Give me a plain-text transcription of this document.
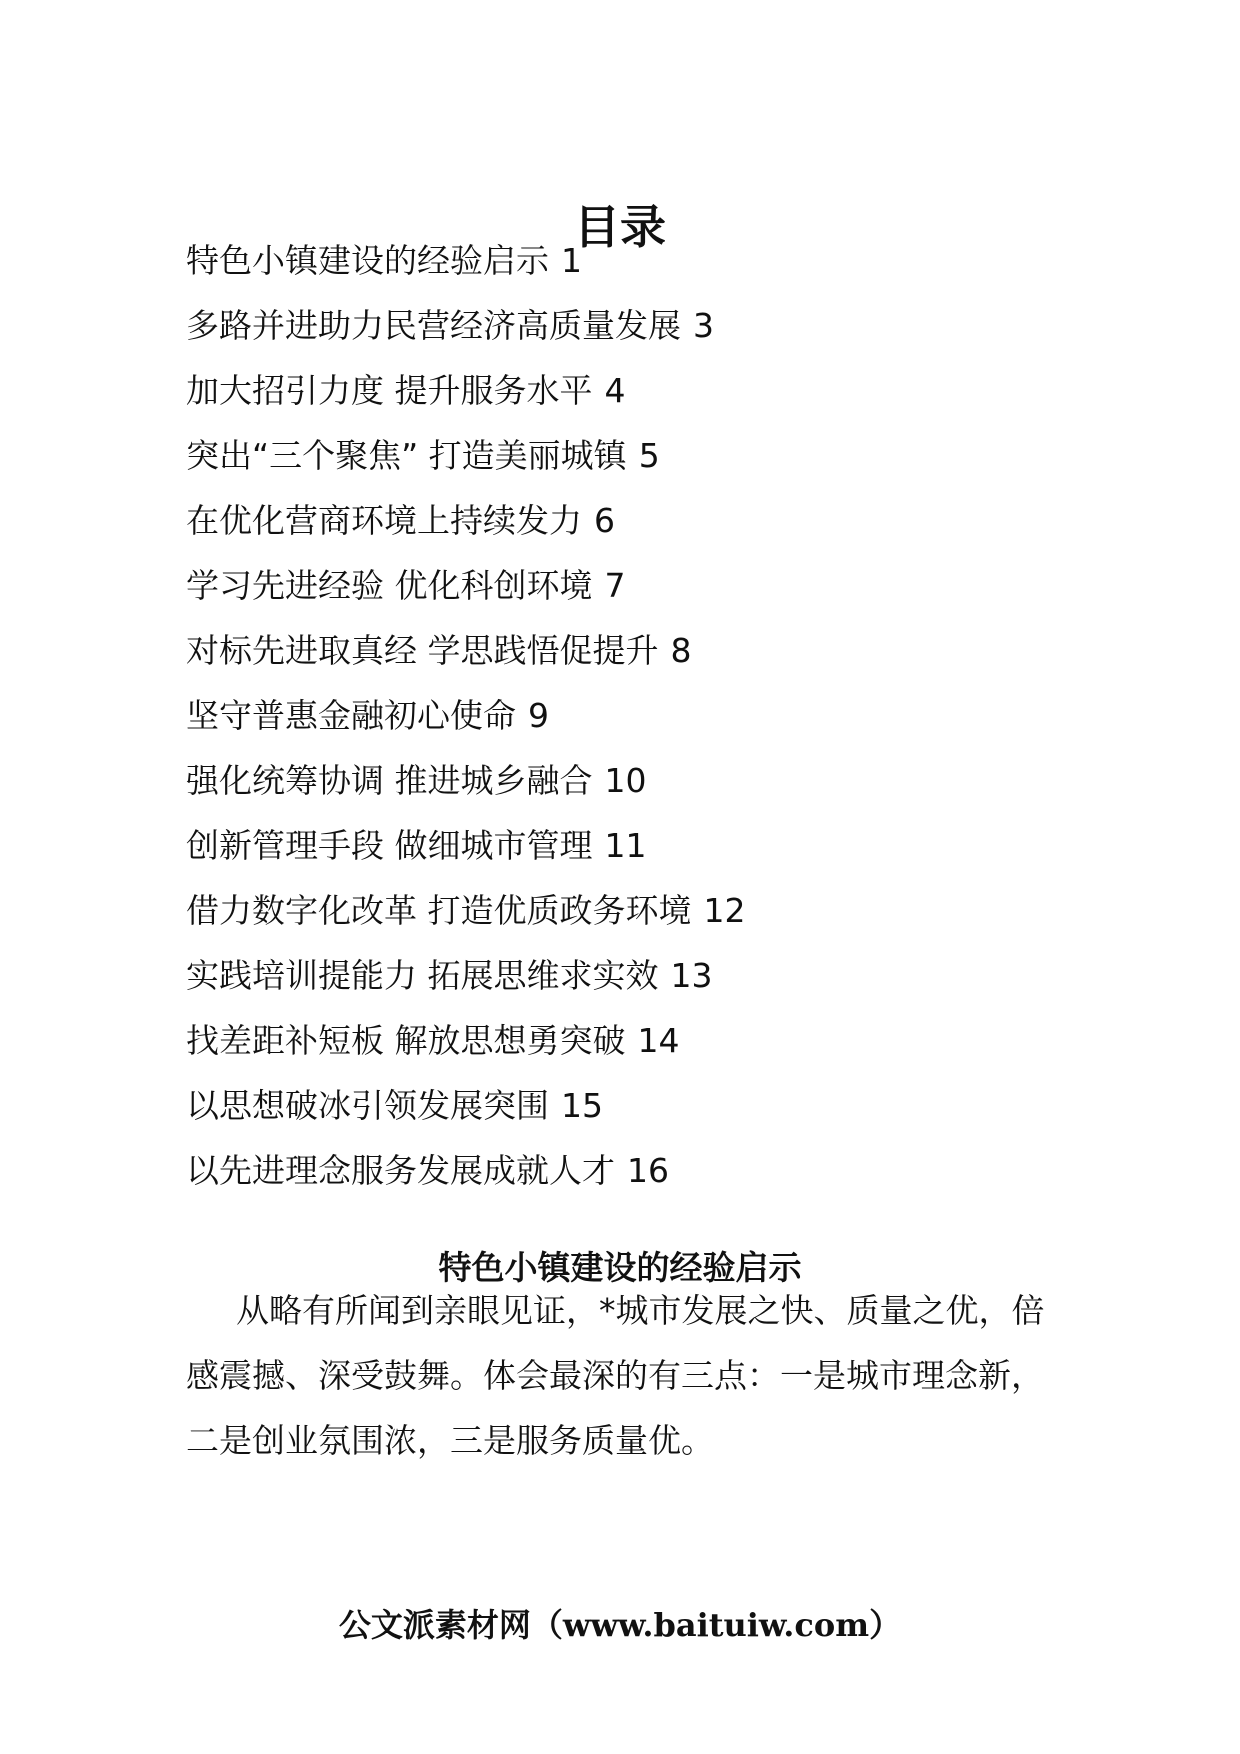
目录
特色小镇建设的经验启示 1
多路并进助力民营经济高质量发展 3
加大招引力度 提升服务水平 4
突出“三个聚焦” 打造美丽城镇 5
在优化营商环境上持续发力 6
学习先进经验 优化科创环境 7
对标先进取真经 学思践悟促提升 8
坚守普惠金融初心使命 9
强化统筹协调 推进城乡融合 10
创新管理手段 做细城市管理 11
借力数字化改革 打造优质政务环境 12
实践培训提能力 拓展思维求实效 13
找差距补短板 解放思想勇突破 14
以思想破冰引领发展突围 15
以先进理念服务发展成就人才 16
特色小镇建设的经验启示

从略有所闻到亲眼见证，*城市发展之快、质量之优，倍感震撼、深受鼓舞。体会最深的有三点：一是城市理念新，二是创业氛围浓，三是服务质量优。

公文派素材网（www.baituiw.com）
